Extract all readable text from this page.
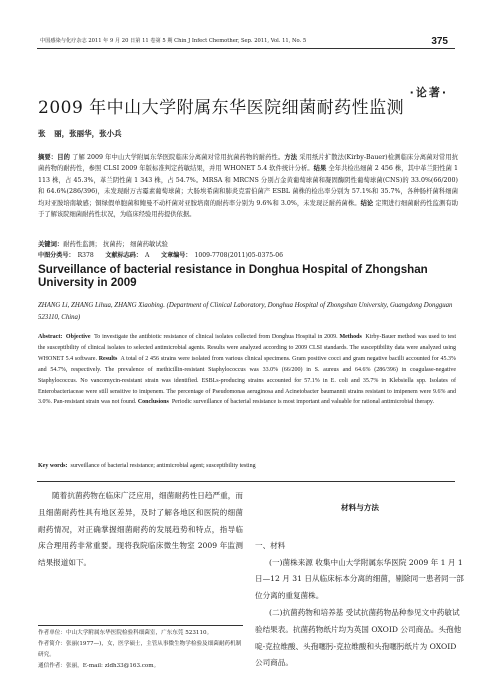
中国感染与化疗杂志 2011 年 9 月 20 日第 11 卷第 5 期 Chin J Infect Chemother, Sep. 2011, Vol. 11, No. 5	375
·论著·
2009 年中山大学附属东华医院细菌耐药性监测
张 丽，张丽华，张小兵
摘要：目的 了解 2009 年中山大学附属东华医院临床分离菌对常用抗菌药物的耐药性。方法 采用纸片扩散法(Kirby-Bauer)检测临床分离菌对常用抗菌药物的耐药性，参照 CLSI 2009 年版标准判定药敏结果，并用 WHONET 5.4 软件统计分析。结果 全年共检出细菌 2 456 株，其中革兰阳性菌 1 113 株，占 45.3%，革兰阴性菌 1 343 株，占 54.7%。MRSA 和 MRCNS 分别占金黄葡萄球菌和凝固酶阴性葡萄球菌(CNS)的 33.0%(66/200)和 64.6%(286/396)，未发现耐万古霉素葡萄球菌；大肠埃希菌和肺炎克雷伯菌产 ESBL 菌株的检出率分别为 57.1%和 35.7%，各种肠杆菌科细菌均对亚胺培南敏感；铜绿假单胞菌和鲍曼不动杆菌对亚胺培南的耐药率分别为 9.6%和 3.0%，未发现泛耐药菌株。结论 定期进行细菌耐药性监测有助于了解该院细菌耐药性状况，为临床经验用药提供依据。
关键词：耐药性监测； 抗菌药； 细菌药敏试验
中图分类号： R378 文献标志码： A 文章编号： 1009-7708(2011)05-0375-06
Surveillance of bacterial resistance in Donghua Hospital of Zhongshan University in 2009
ZHANG Li, ZHANG Lihua, ZHANG Xiaobing. (Department of Clinical Laboratory, Donghua Hospital of Zhongshan University, Guangdong Dongguan 523110, China)
Abstract: Objective To investigate the antibiotic resistance of clinical isolates collected from Donghua Hospital in 2009. Methods Kirby-Bauer method was used to test the susceptibility of clinical isolates to selected antimicrobial agents. Results were analyzed according to 2009 CLSI standards. The susceptibility data were analyzed using WHONET 5.4 software. Results A total of 2 456 strains were isolated from various clinical specimens. Gram positive cocci and gram negative bacilli accounted for 45.3% and 54.7%, respectively. The prevalence of methicillin-resistant Staphylococcus was 33.0% (66/200) in S. aureus and 64.6% (286/396) in coagulase-negative Staphylococcus. No vancomycin-resistant strain was identified. ESBLs-producing strains accounted for 57.1% in E. coli and 35.7% in Klebsiella spp. Isolates of Enterobacteriaceae were still sensitive to imipenem. The percentage of Pseudomonas aeruginosa and Acinetobacter baumannii strains resistant to imipenem were 9.6% and 3.0%. Pan-resistant strain was not found. Conclusions Periodic surveillance of bacterial resistance is most important and valuable for rational antimicrobial therapy.
Key words: surveillance of bacterial resistance; antimicrobial agent; susceptibility testing
随着抗菌药物在临床广泛应用，细菌耐药性日趋严重，而且细菌耐药性具有地区差异，及时了解各地区和医院的细菌耐药情况，对正确掌握细菌耐药的发展趋势和特点，指导临床合理用药非常重要。现将我院临床微生物室 2009 年监测结果报道如下。
材料与方法

一、材料

(一)菌株来源 收集中山大学附属东华医院 2009 年 1 月 1 日—12 月 31 日从临床标本分离的细菌，剔除同一患者同一部位分离的重复菌株。

(二)抗菌药物和培养基 受试抗菌药物品种参见文中药敏试验结果表。抗菌药物纸片均为英国 OXOID 公司商品。头孢他啶-克拉维酸、头孢噻肟-克拉维酸和头孢噻肟纸片为 OXOID 公司商品。

作者单位：中山大学附属东华医院检验科细菌室，广东东莞 523110。
作者简介：张丽(1977—)，女，医学硕士，主管从事微生物学检验及细菌耐药机制研究。
通信作者：张丽，E-mail: zldh33@163.com。
